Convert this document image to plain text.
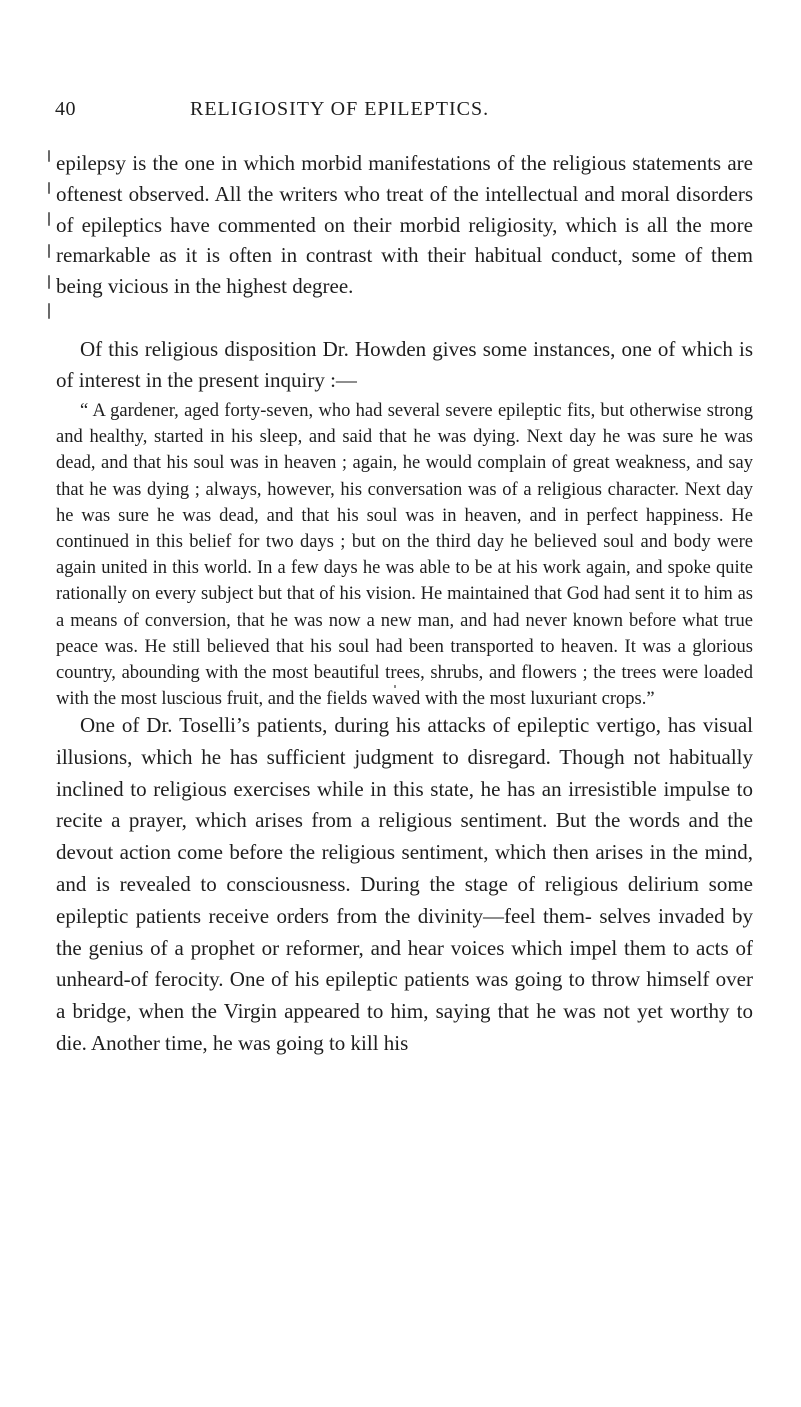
40	RELIGIOSITY OF EPILEPTICS.

epilepsy is the one in which morbid manifestations of the religious statements are oftenest observed. All the writers who treat of the intellectual and moral disorders of epileptics have commented on their morbid religiosity, which is all the more remarkable as it is often in contrast with their habitual conduct, some of them being vicious in the highest degree.

Of this religious disposition Dr. Howden gives some instances, one of which is of interest in the present inquiry :—

“ A gardener, aged forty-seven, who had several severe epileptic fits, but otherwise strong and healthy, started in his sleep, and said that he was dying. Next day he was sure he was dead, and that his soul was in heaven ; again, he would complain of great weakness, and say that he was dying ; always, however, his conversation was of a religious character. Next day he was sure he was dead, and that his soul was in heaven, and in perfect happiness. He continued in this belief for two days ; but on the third day he believed soul and body were again united in this world. In a few days he was able to be at his work again, and spoke quite rationally on every subject but that of his vision. He maintained that God had sent it to him as a means of conversion, that he was now a new man, and had never known before what true peace was. He still believed that his soul had been transported to heaven. It was a glorious country, abounding with the most beautiful trees, shrubs, and flowers ; the trees were loaded with the most luscious fruit, and the fields waved with the most luxuriant crops.”

One of Dr. Toselli’s patients, during his attacks of epileptic vertigo, has visual illusions, which he has sufficient judgment to disregard. Though not habitually inclined to religious exercises while in this state, he has an irresistible impulse to recite a prayer, which arises from a religious sentiment. But the words and the devout action come before the religious sentiment, which then arises in the mind, and is revealed to consciousness. During the stage of religious delirium some epileptic patients receive orders from the divinity—feel them- selves invaded by the genius of a prophet or reformer, and hear voices which impel them to acts of unheard-of ferocity. One of his epileptic patients was going to throw himself over a bridge, when the Virgin appeared to him, saying that he was not yet worthy to die. Another time, he was going to kill his
